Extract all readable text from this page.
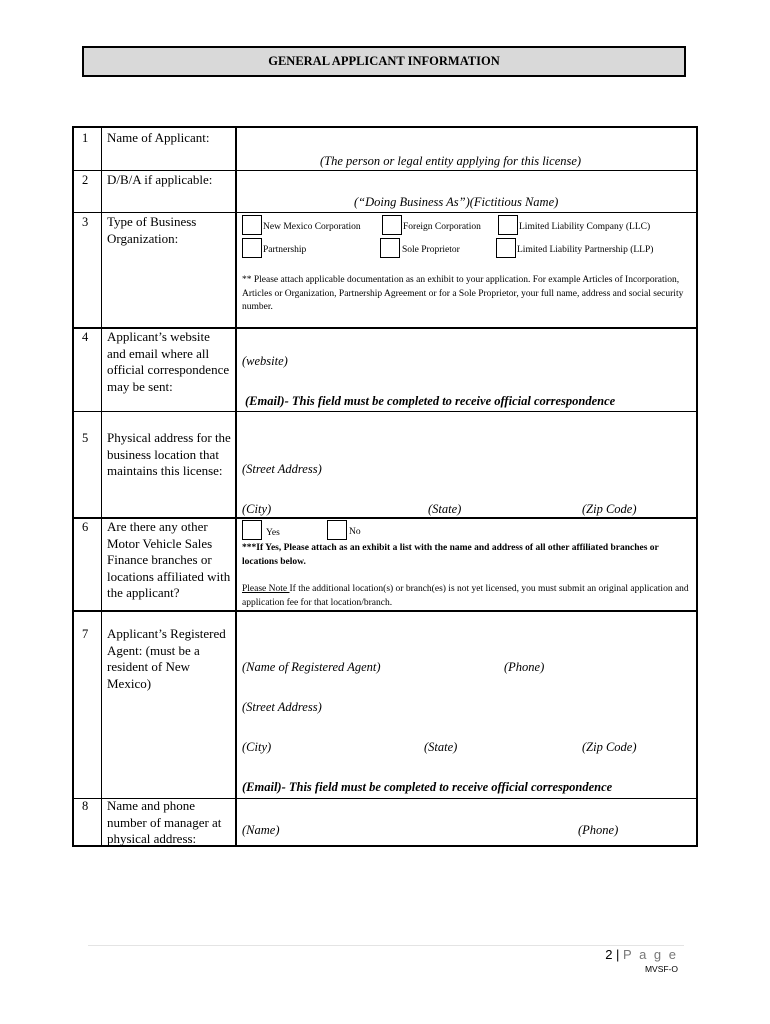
GENERAL APPLICANT INFORMATION
1 Name of Applicant:
(The person or legal entity applying for this license)
2 D/B/A if applicable:
(“Doing Business As”)(Fictitious Name)
3 Type of Business Organization:
New Mexico Corporation	Foreign Corporation	Limited Liability Company (LLC)
Partnership	Sole Proprietor	Limited Liability Partnership (LLP)
** Please attach applicable documentation as an exhibit to your application. For example Articles of Incorporation, Articles or Organization, Partnership Agreement or for a Sole Proprietor, your full name, address and social security number.
4 Applicant’s website and email where all official correspondence may be sent:
(website)
(Email)- This field must be completed to receive official correspondence
5 Physical address for the business location that maintains this license:	(Street Address)
(City)	(State)	(Zip Code)
6 Are there any other Motor Vehicle Sales Finance branches or locations affiliated with the applicant?
Yes	No
***If Yes, Please attach as an exhibit a list with the name and address of all other affiliated branches or locations below.
Please Note If the additional location(s) or branch(es) is not yet licensed, you must submit an original application and application fee for that location/branch.
7 Applicant’s Registered Agent: (must be a resident of New Mexico)
(Name of Registered Agent)	(Phone)
(Street Address)
(City)	(State)	(Zip Code)
(Email)- This field must be completed to receive official correspondence
8 Name and phone number of manager at physical address:
(Name)	(Phone)
2 | P a g e
MVSF-O
